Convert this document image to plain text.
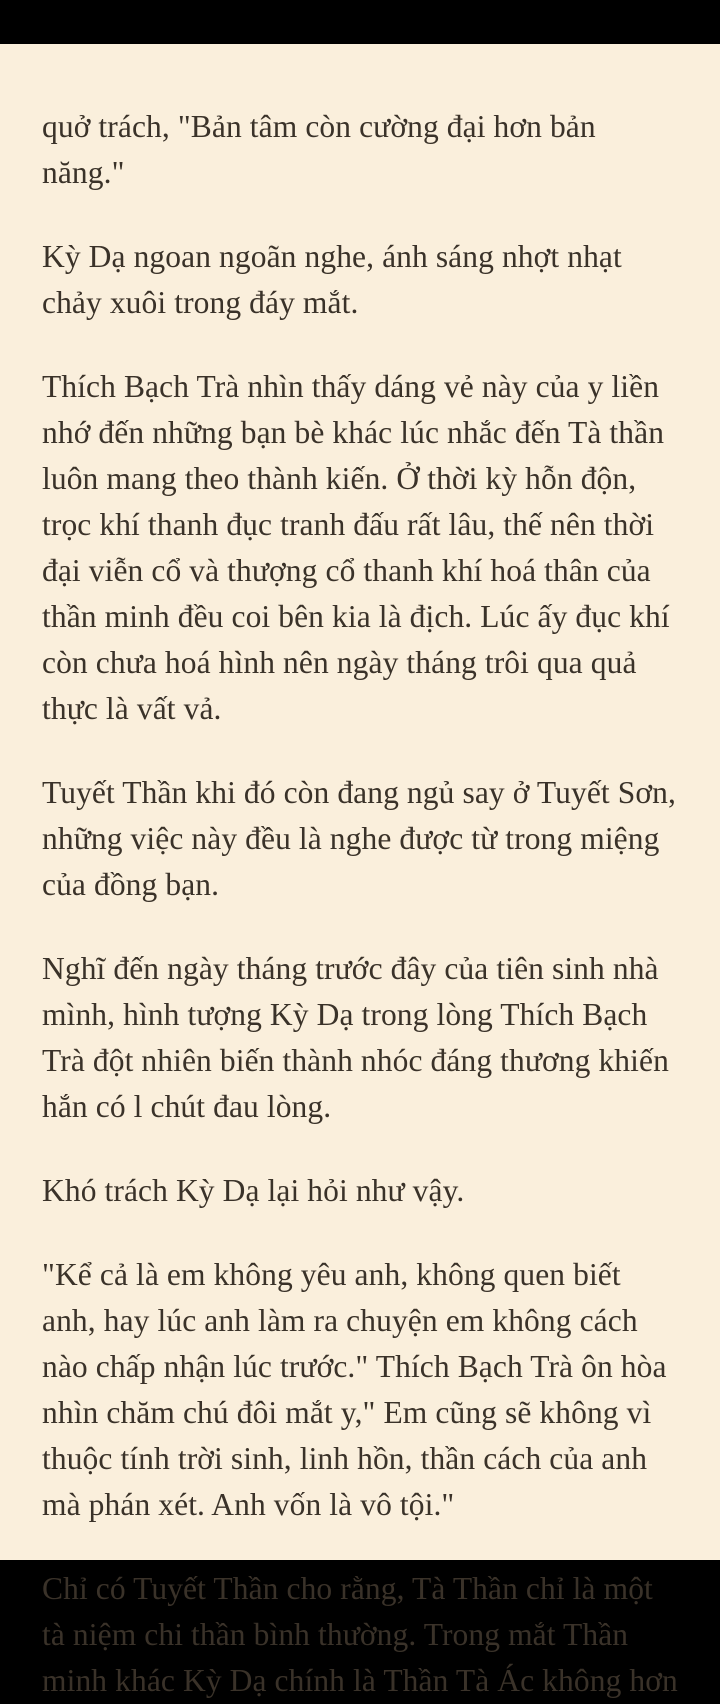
quở trách, "Bản tâm còn cường đại hơn bản năng."

Kỳ Dạ ngoan ngoãn nghe, ánh sáng nhợt nhạt chảy xuôi trong đáy mắt.

Thích Bạch Trà nhìn thấy dáng vẻ này của y liền nhớ đến những bạn bè khác lúc nhắc đến Tà thần luôn mang theo thành kiến. Ở thời kỳ hỗn độn, trọc khí thanh đục tranh đấu rất lâu, thế nên thời đại viễn cổ và thượng cổ thanh khí hoá thân của thần minh đều coi bên kia là địch. Lúc ấy đục khí còn chưa hoá hình nên ngày tháng trôi qua quả thực là vất vả.

Tuyết Thần khi đó còn đang ngủ say ở Tuyết Sơn, những việc này đều là nghe được từ trong miệng của đồng bạn.

Nghĩ đến ngày tháng trước đây của tiên sinh nhà mình, hình tượng Kỳ Dạ trong lòng Thích Bạch Trà đột nhiên biến thành nhóc đáng thương khiến hắn có l chút đau lòng.

Khó trách Kỳ Dạ lại hỏi như vậy.

"Kể cả là em không yêu anh, không quen biết anh, hay lúc anh làm ra chuyện em không cách nào chấp nhận lúc trước." Thích Bạch Trà ôn hòa nhìn chăm chú đôi mắt y," Em cũng sẽ không vì thuộc tính trời sinh, linh hồn, thần cách của anh mà phán xét. Anh vốn là vô tội."

Chỉ có Tuyết Thần cho rằng, Tà Thần chỉ là một tà niệm chi thần bình thường. Trong mắt Thần minh khác Kỳ Dạ chính là Thần Tà Ác không hơn
